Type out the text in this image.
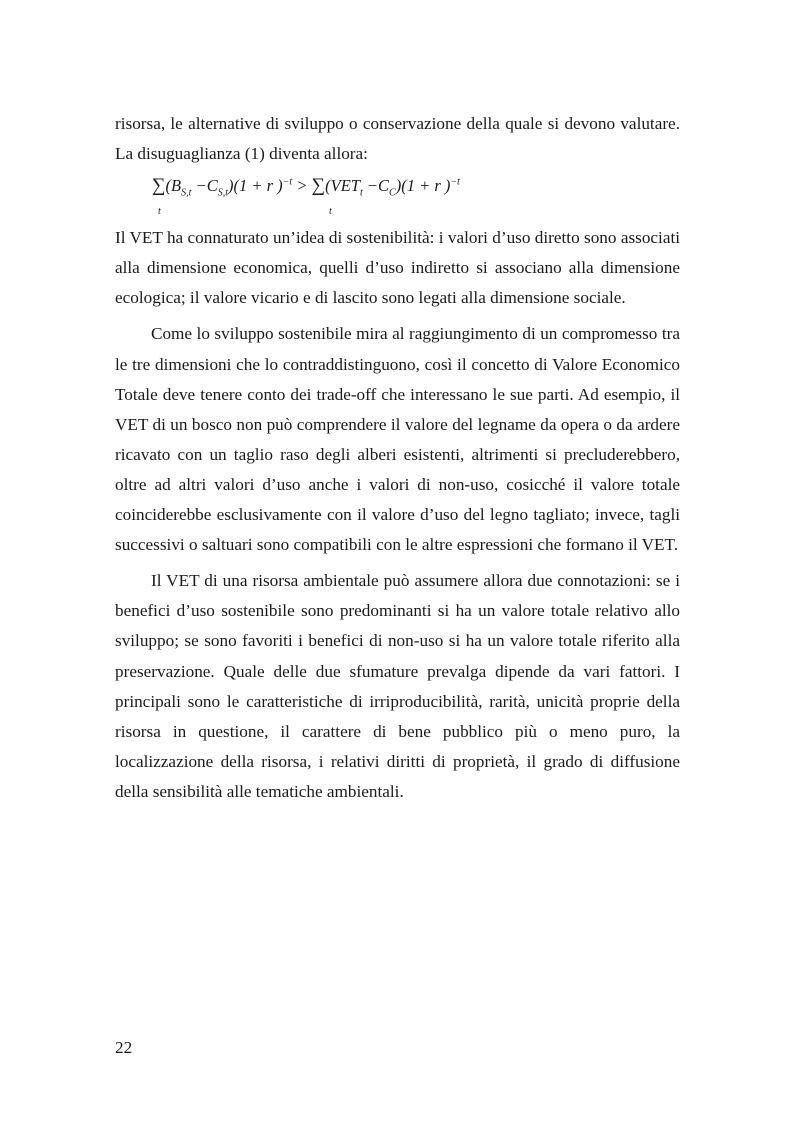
risorsa, le alternative di sviluppo o conservazione della quale si devono valutare. La disuguaglianza (1) diventa allora:

$\sum(B_{S,t} -C_{S,t})(1 + r$ )$^{-t} > \sum(VET_t -C_C)(1 + r$ )$^{-t}$
t	t

Il VET ha connaturato un’idea di sostenibilità: i valori d’uso diretto sono associati alla dimensione economica, quelli d’uso indiretto si associano alla dimensione ecologica; il valore vicario e di lascito sono legati alla dimensione sociale.

Come lo sviluppo sostenibile mira al raggiungimento di un compromesso tra le tre dimensioni che lo contraddistinguono, così il concetto di Valore Economico Totale deve tenere conto dei trade-off che interessano le sue parti. Ad esempio, il VET di un bosco non può comprendere il valore del legname da opera o da ardere ricavato con un taglio raso degli alberi esistenti, altrimenti si precluderebbero, oltre ad altri valori d’uso anche i valori di non-uso, cosicché il valore totale coinciderebbe esclusivamente con il valore d’uso del legno tagliato; invece, tagli successivi o saltuari sono compatibili con le altre espressioni che formano il VET.

Il VET di una risorsa ambientale può assumere allora due connotazioni: se i benefici d’uso sostenibile sono predominanti si ha un valore totale relativo allo sviluppo; se sono favoriti i benefici di non-uso si ha un valore totale riferito alla preservazione. Quale delle due sfumature prevalga dipende da vari fattori. I principali sono le caratteristiche di irriproducibilità, rarità, unicità proprie della risorsa in questione, il carattere di bene pubblico più o meno puro, la localizzazione della risorsa, i relativi diritti di proprietà, il grado di diffusione della sensibilità alle tematiche ambientali.

22
